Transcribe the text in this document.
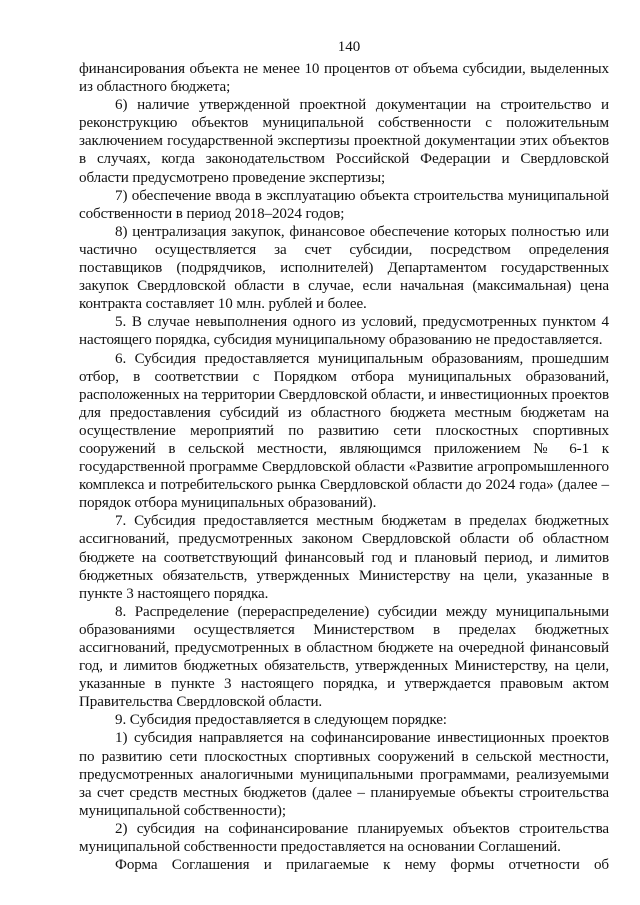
140

финансирования объекта не менее 10 процентов от объема субсидии, выделенных из областного бюджета;

6) наличие утвержденной проектной документации на строительство и реконструкцию объектов муниципальной собственности с положительным заключением государственной экспертизы проектной документации этих объектов в случаях, когда законодательством Российской Федерации и Свердловской области предусмотрено проведение экспертизы;

7) обеспечение ввода в эксплуатацию объекта строительства муниципальной собственности в период 2018–2024 годов;

8) централизация закупок, финансовое обеспечение которых полностью или частично осуществляется за счет субсидии, посредством определения поставщиков (подрядчиков, исполнителей) Департаментом государственных закупок Свердловской области в случае, если начальная (максимальная) цена контракта составляет 10 млн. рублей и более.

5. В случае невыполнения одного из условий, предусмотренных пунктом 4 настоящего порядка, субсидия муниципальному образованию не предоставляется.

6. Субсидия предоставляется муниципальным образованиям, прошедшим отбор, в соответствии с Порядком отбора муниципальных образований, расположенных на территории Свердловской области, и инвестиционных проектов для предоставления субсидий из областного бюджета местным бюджетам на осуществление мероприятий по развитию сети плоскостных спортивных сооружений в сельской местности, являющимся приложением № 6-1 к государственной программе Свердловской области «Развитие агропромышленного комплекса и потребительского рынка Свердловской области до 2024 года» (далее – порядок отбора муниципальных образований).

7. Субсидия предоставляется местным бюджетам в пределах бюджетных ассигнований, предусмотренных законом Свердловской области об областном бюджете на соответствующий финансовый год и плановый период, и лимитов бюджетных обязательств, утвержденных Министерству на цели, указанные в пункте 3 настоящего порядка.

8. Распределение (перераспределение) субсидии между муниципальными образованиями осуществляется Министерством в пределах бюджетных ассигнований, предусмотренных в областном бюджете на очередной финансовый год, и лимитов бюджетных обязательств, утвержденных Министерству, на цели, указанные в пункте 3 настоящего порядка, и утверждается правовым актом Правительства Свердловской области.

9. Субсидия предоставляется в следующем порядке:

1) субсидия направляется на софинансирование инвестиционных проектов по развитию сети плоскостных спортивных сооружений в сельской местности, предусмотренных аналогичными муниципальными программами, реализуемыми за счет средств местных бюджетов (далее – планируемые объекты строительства муниципальной собственности);

2) субсидия на софинансирование планируемых объектов строительства муниципальной собственности предоставляется на основании Соглашений.

Форма Соглашения и прилагаемые к нему формы отчетности об
